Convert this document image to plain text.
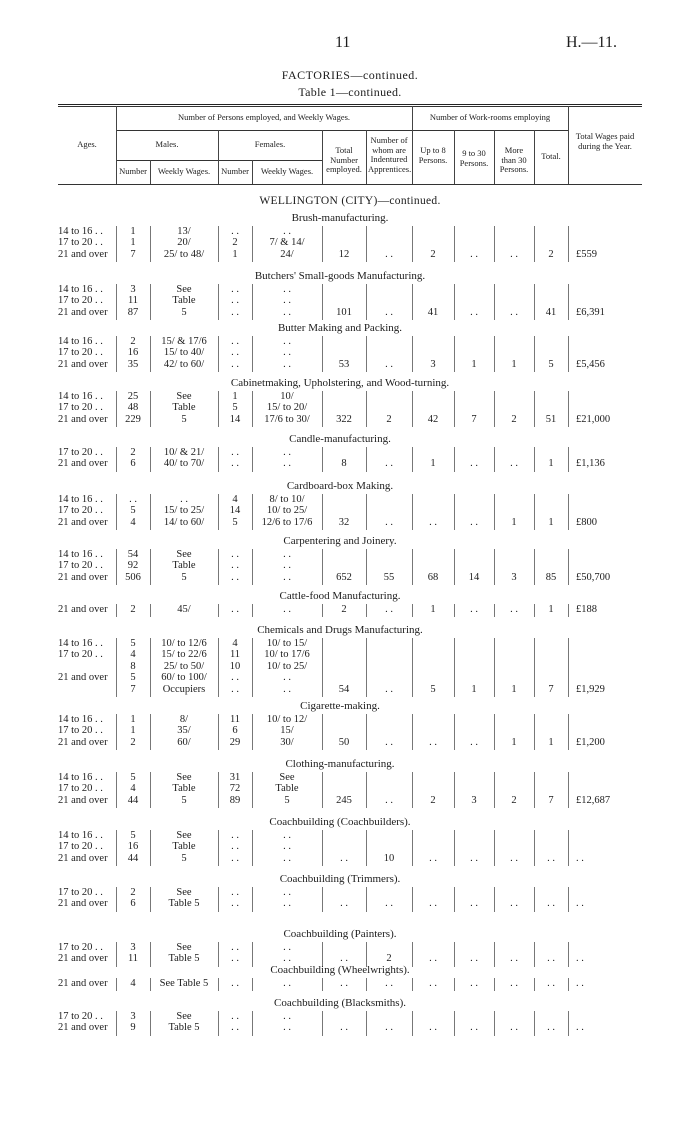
11	H.—11.
FACTORIES—continued.
Table 1—continued.
Ages.
Number of Persons employed, and Weekly Wages.
Males.	Females.
Number	Weekly Wages.	Number	Weekly Wages.
Total Number employed.
Number of whom are Indentured Apprentices.
Number of Work-rooms employing
Up to 8 Persons.
9 to 30 Persons.
More than 30 Persons.
Total.
Total Wages paid during the Year.
WELLINGTON (CITY)—continued.
Brush-manufacturing.
14 to 16 . .	1	13/	. .	. .
17 to 20 . .	1	20/	2	7/ & 14/
21 and over	7	25/ to 48/	1	24/	12	. .	2	. .	. .	2	£559
Butchers' Small-goods Manufacturing.
14 to 16 . .	3	See	. .	. .
17 to 20 . .	11	Table	. .	. .
21 and over	87	5	. .	. .	101	. .	41	. .	. .	41	£6,391
Butter Making and Packing.
14 to 16 . .	2	15/ & 17/6	. .	. .
17 to 20 . .	16	15/ to 40/	. .	. .
21 and over	35	42/ to 60/	. .	. .	53	. .	3	1	1	5	£5,456
Cabinetmaking, Upholstering, and Wood-turning.
14 to 16 . .	25	See	1	10/
17 to 20 . .	48	Table	5	15/ to 20/
21 and over	229	5	14	17/6 to 30/	322	2	42	7	2	51	£21,000
Candle-manufacturing.
17 to 20 . .	2	10/ & 21/	. .	. .
21 and over	6	40/ to 70/	. .	. .	8	. .	1	. .	. .	1	£1,136
Cardboard-box Making.
14 to 16 . .	. .	. .	4	8/ to 10/
17 to 20 . .	5	15/ to 25/	14	10/ to 25/
21 and over	4	14/ to 60/	5	12/6 to 17/6	32	. .	. .	. .	1	1	£800
Carpentering and Joinery.
14 to 16 . .	54	See	. .	. .
17 to 20 . .	92	Table	. .	. .
21 and over	506	5	. .	. .	652	55	68	14	3	85	£50,700
Cattle-food Manufacturing.
21 and over	2	45/	. .	. .	2	. .	1	. .	. .	1	£188
Chemicals and Drugs Manufacturing.
14 to 16 . .	5	10/ to 12/6	4	10/ to 15/
17 to 20 . .	4	15/ to 22/6	11	10/ to 17/6
8	25/ to 50/	10	10/ to 25/
21 and over	5	60/ to 100/	. .	. .
7	Occupiers	. .	. .	54	. .	5	1	1	7	£1,929
Cigarette-making.
14 to 16 . .	1	8/	11	10/ to 12/
17 to 20 . .	1	35/	6	15/
21 and over	2	60/	29	30/	50	. .	. .	. .	1	1	£1,200
Clothing-manufacturing.
14 to 16 . .	5	See	31	See
17 to 20 . .	4	Table	72	Table
21 and over	44	5	89	5	245	. .	2	3	2	7	£12,687
Coachbuilding (Coachbuilders).
14 to 16 . .	5	See	. .	. .
17 to 20 . .	16	Table	. .	. .
21 and over	44	5	. .	. .	. .	10	. .	. .	. .	. .	. .
Coachbuilding (Trimmers).
17 to 20 . .	2	See	. .	. .
21 and over	6	Table 5	. .	. .	. .	. .	. .	. .	. .	. .	. .
Coachbuilding (Painters).
17 to 20 . .	3	See	. .	. .
21 and over	11	Table 5	. .	. .	. .	2	. .	. .	. .	. .	. .
Coachbuilding (Wheelwrights).
21 and over	4	See Table 5	. .	. .	. .	. .	. .	. .	. .	. .	. .
Coachbuilding (Blacksmiths).
17 to 20 . .	3	See	. .	. .
21 and over	9	Table 5	. .	. .	. .	. .	. .	. .	. .	. .	. .
